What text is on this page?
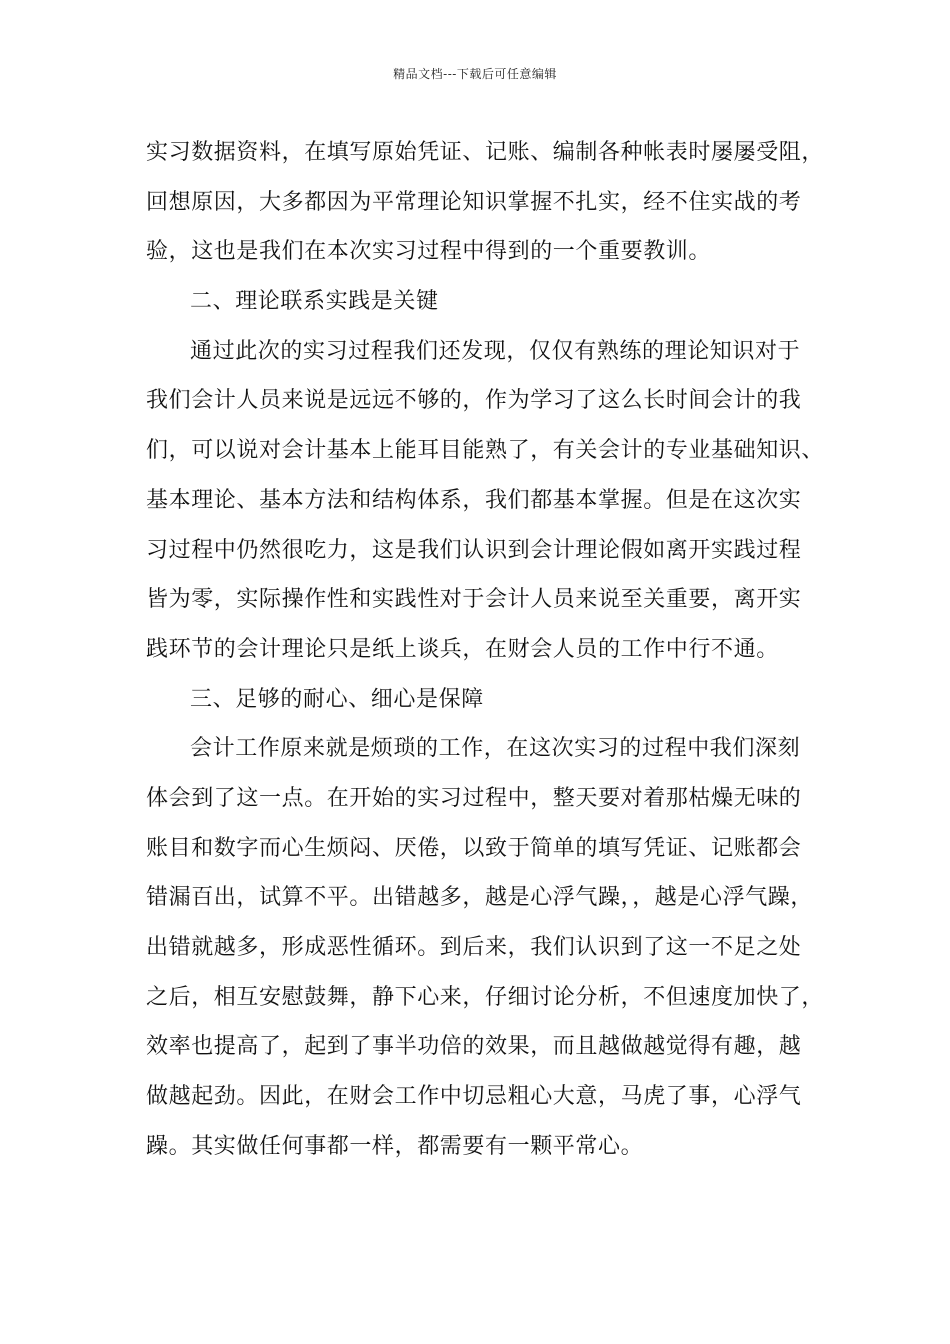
精品文档---下载后可任意编辑
实习数据资料，在填写原始凭证、记账、编制各种帐表时屡屡受阻，
回想原因，大多都因为平常理论知识掌握不扎实，经不住实战的考
验，这也是我们在本次实习过程中得到的一个重要教训。
二、理论联系实践是关键
通过此次的实习过程我们还发现，仅仅有熟练的理论知识对于
我们会计人员来说是远远不够的，作为学习了这么长时间会计的我
们，可以说对会计基本上能耳目能熟了，有关会计的专业基础知识、
基本理论、基本方法和结构体系，我们都基本掌握。但是在这次实
习过程中仍然很吃力，这是我们认识到会计理论假如离开实践过程
皆为零，实际操作性和实践性对于会计人员来说至关重要，离开实
践环节的会计理论只是纸上谈兵，在财会人员的工作中行不通。
三、足够的耐心、细心是保障
会计工作原来就是烦琐的工作，在这次实习的过程中我们深刻
体会到了这一点。在开始的实习过程中，整天要对着那枯燥无味的
账目和数字而心生烦闷、厌倦，以致于简单的填写凭证、记账都会
错漏百出，试算不平。出错越多，越是心浮气躁，，越是心浮气躁，
出错就越多，形成恶性循环。到后来，我们认识到了这一不足之处
之后，相互安慰鼓舞，静下心来，仔细讨论分析，不但速度加快了，
效率也提高了，起到了事半功倍的效果，而且越做越觉得有趣，越
做越起劲。因此，在财会工作中切忌粗心大意，马虎了事，心浮气
躁。其实做任何事都一样，都需要有一颗平常心。
